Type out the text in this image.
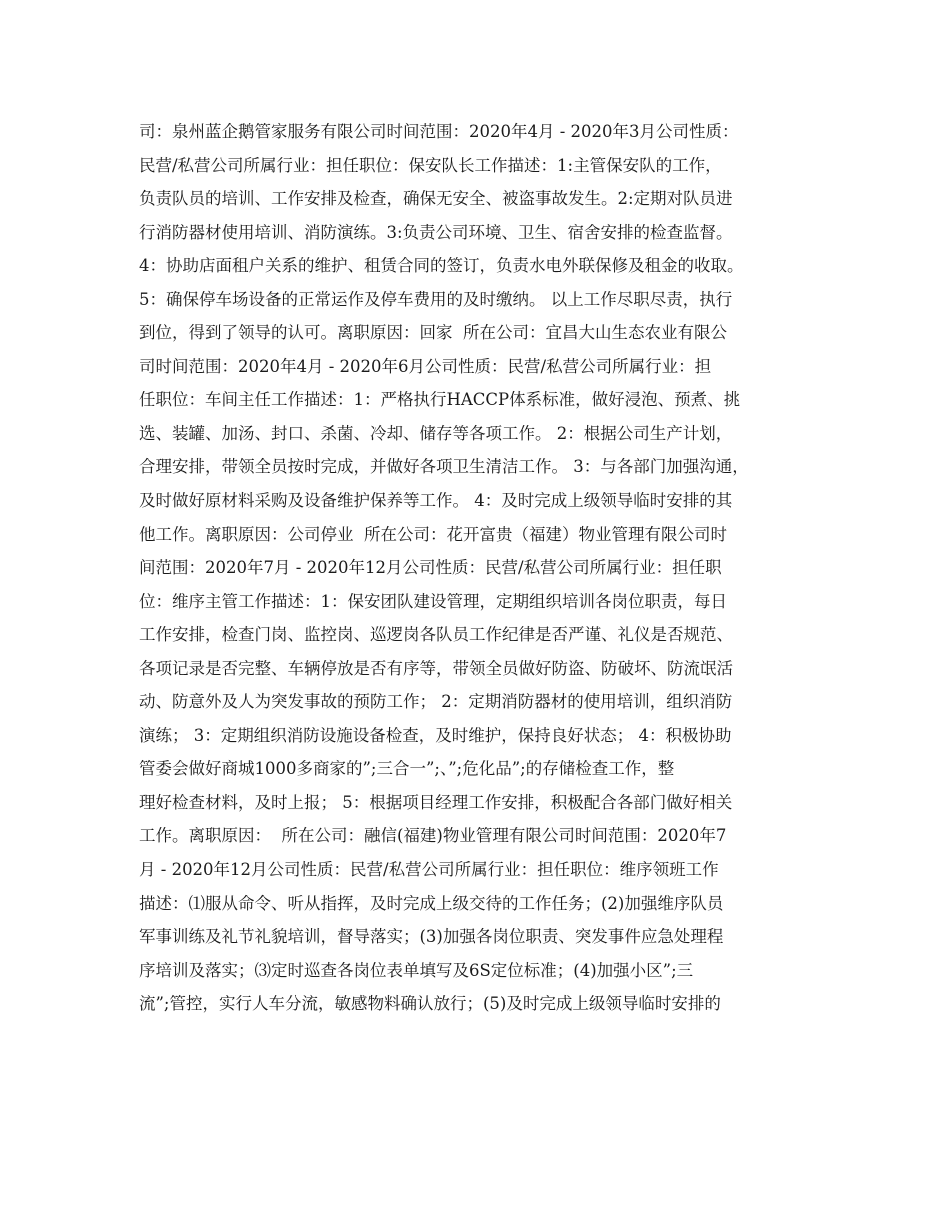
司：泉州蓝企鹅管家服务有限公司时间范围：2020年4月 - 2020年3月公司性质：
民营/私营公司所属行业：担任职位：保安队长工作描述：1:主管保安队的工作，
负责队员的培训、工作安排及检查，确保无安全、被盗事故发生。2:定期对队员进
行消防器材使用培训、消防演练。3:负责公司环境、卫生、宿舍安排的检查监督。
4：协助店面租户关系的维护、租赁合同的签订，负责水电外联保修及租金的收取。
5：确保停车场设备的正常运作及停车费用的及时缴纳。 以上工作尽职尽责，执行
到位，得到了领导的认可。离职原因：回家  所在公司：宜昌大山生态农业有限公
司时间范围：2020年4月 - 2020年6月公司性质：民营/私营公司所属行业：担
任职位：车间主任工作描述：1：严格执行HACCP体系标准，做好浸泡、预煮、挑
选、装罐、加汤、封口、杀菌、冷却、储存等各项工作。 2：根据公司生产计划，
合理安排，带领全员按时完成，并做好各项卫生清洁工作。 3：与各部门加强沟通，
及时做好原材料采购及设备维护保养等工作。 4：及时完成上级领导临时安排的其
他工作。离职原因：公司停业  所在公司：花开富贵（福建）物业管理有限公司时
间范围：2020年7月 - 2020年12月公司性质：民营/私营公司所属行业：担任职
位：维序主管工作描述：1：保安团队建设管理，定期组织培训各岗位职责，每日
工作安排，检查门岗、监控岗、巡逻岗各队员工作纪律是否严谨、礼仪是否规范、
各项记录是否完整、车辆停放是否有序等，带领全员做好防盗、防破坏、防流氓活
动、防意外及人为突发事故的预防工作； 2：定期消防器材的使用培训，组织消防
演练； 3：定期组织消防设施设备检查，及时维护，保持良好状态； 4：积极协助
管委会做好商城1000多商家的”;三合一”;、”;危化品”;的存储检查工作，整
理好检查材料，及时上报； 5：根据项目经理工作安排，积极配合各部门做好相关
工作。离职原因：  所在公司：融信(福建)物业管理有限公司时间范围：2020年7
月 - 2020年12月公司性质：民营/私营公司所属行业：担任职位：维序领班工作
描述：⑴服从命令、听从指挥，及时完成上级交待的工作任务；(2)加强维序队员
军事训练及礼节礼貌培训，督导落实；(3)加强各岗位职责、突发事件应急处理程
序培训及落实；⑶定时巡查各岗位表单填写及6S定位标准；(4)加强小区”;三
流”;管控，实行人车分流，敏感物料确认放行；(5)及时完成上级领导临时安排的
